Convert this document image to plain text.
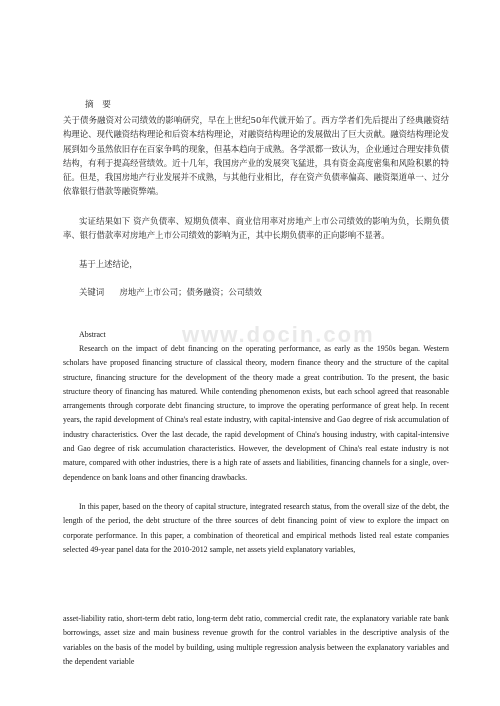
www.docin.com

摘　要

关于债务融资对公司绩效的影响研究，早在上世纪50年代就开始了。西方学者们先后提出了经典融资结构理论、现代融资结构理论和后资本结构理论，对融资结构理论的发展做出了巨大贡献。融资结构理论发展到如今虽然依旧存在百家争鸣的现象，但基本趋向于成熟。各学派都一致认为，企业通过合理安排负债结构，有利于提高经营绩效。近十几年，我国房产业的发展突飞猛进，具有资金高度密集和风险积累的特征。但是，我国房地产行业发展并不成熟，与其他行业相比，存在资产负债率偏高、融资渠道单一、过分依靠银行借款等融资弊端。

实证结果如下 资产负债率、短期负债率、商业信用率对房地产上市公司绩效的影响为负，长期负债率、银行借款率对房地产上市公司绩效的影响为正，其中长期负债率的正向影响不显著。

基于上述结论，

关键词 房地产上市公司；债务融资；公司绩效

Abstract

Research on the impact of debt financing on the operating performance, as early as the 1950s began. Western scholars have proposed financing structure of classical theory, modern finance theory and the structure of the capital structure, financing structure for the development of the theory made a great contribution. To the present, the basic structure theory of financing has matured. While contending phenomenon exists, but each school agreed that reasonable arrangements through corporate debt financing structure, to improve the operating performance of great help. In recent years, the rapid development of China's real estate industry, with capital-intensive and Gao degree of risk accumulation of industry characteristics. Over the last decade, the rapid development of China's housing industry, with capital-intensive and Gao degree of risk accumulation characteristics. However, the development of China's real estate industry is not mature, compared with other industries, there is a high rate of assets and liabilities, financing channels for a single, over-dependence on bank loans and other financing drawbacks.

In this paper, based on the theory of capital structure, integrated research status, from the overall size of the debt, the length of the period, the debt structure of the three sources of debt financing point of view to explore the impact on corporate performance. In this paper, a combination of theoretical and empirical methods listed real estate companies selected 49-year panel data for the 2010-2012 sample, net assets yield explanatory variables,

asset-liability ratio, short-term debt ratio, long-term debt ratio, commercial credit rate, the explanatory variable rate bank borrowings, asset size and main business revenue growth for the control variables in the descriptive analysis of the variables on the basis of the model by building, using multiple regression analysis between the explanatory variables and the dependent variable
